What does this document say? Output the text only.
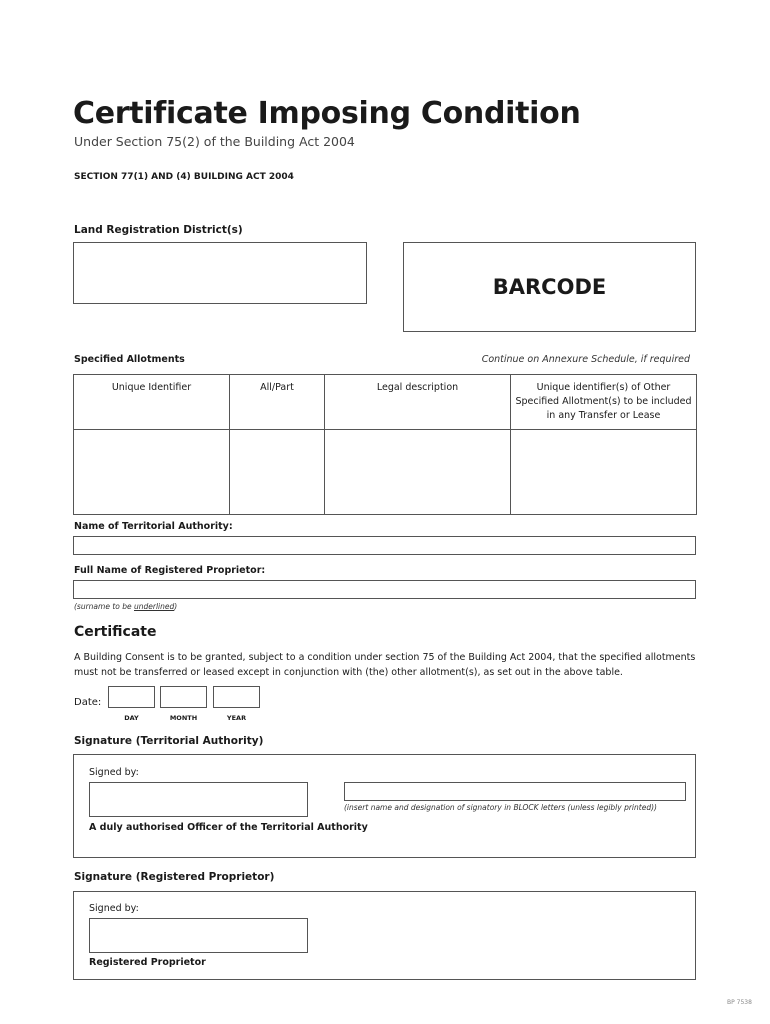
Certificate Imposing Condition
Under Section 75(2) of the Building Act 2004
SECTION 77(1) AND (4) BUILDING ACT 2004
Land Registration District(s)
BARCODE
Specified Allotments	Continue on Annexure Schedule, if required
Unique Identifier	All/Part	Legal description	Unique identifier(s) of Other Specified Allotment(s) to be included in any Transfer or Lease

Name of Territorial Authority:
Full Name of Registered Proprietor:
(surname to be underlined)
Certificate
A Building Consent is to be granted, subject to a condition under section 75 of the Building Act 2004, that the specified allotments must not be transferred or leased except in conjunction with (the) other allotment(s), as set out in the above table.
Date:
DAY	MONTH	YEAR
Signature (Territorial Authority)
Signed by:
(insert name and designation of signatory in BLOCK letters (unless legibly printed))
A duly authorised Officer of the Territorial Authority
Signature (Registered Proprietor)
Signed by:
Registered Proprietor
BP 7538
